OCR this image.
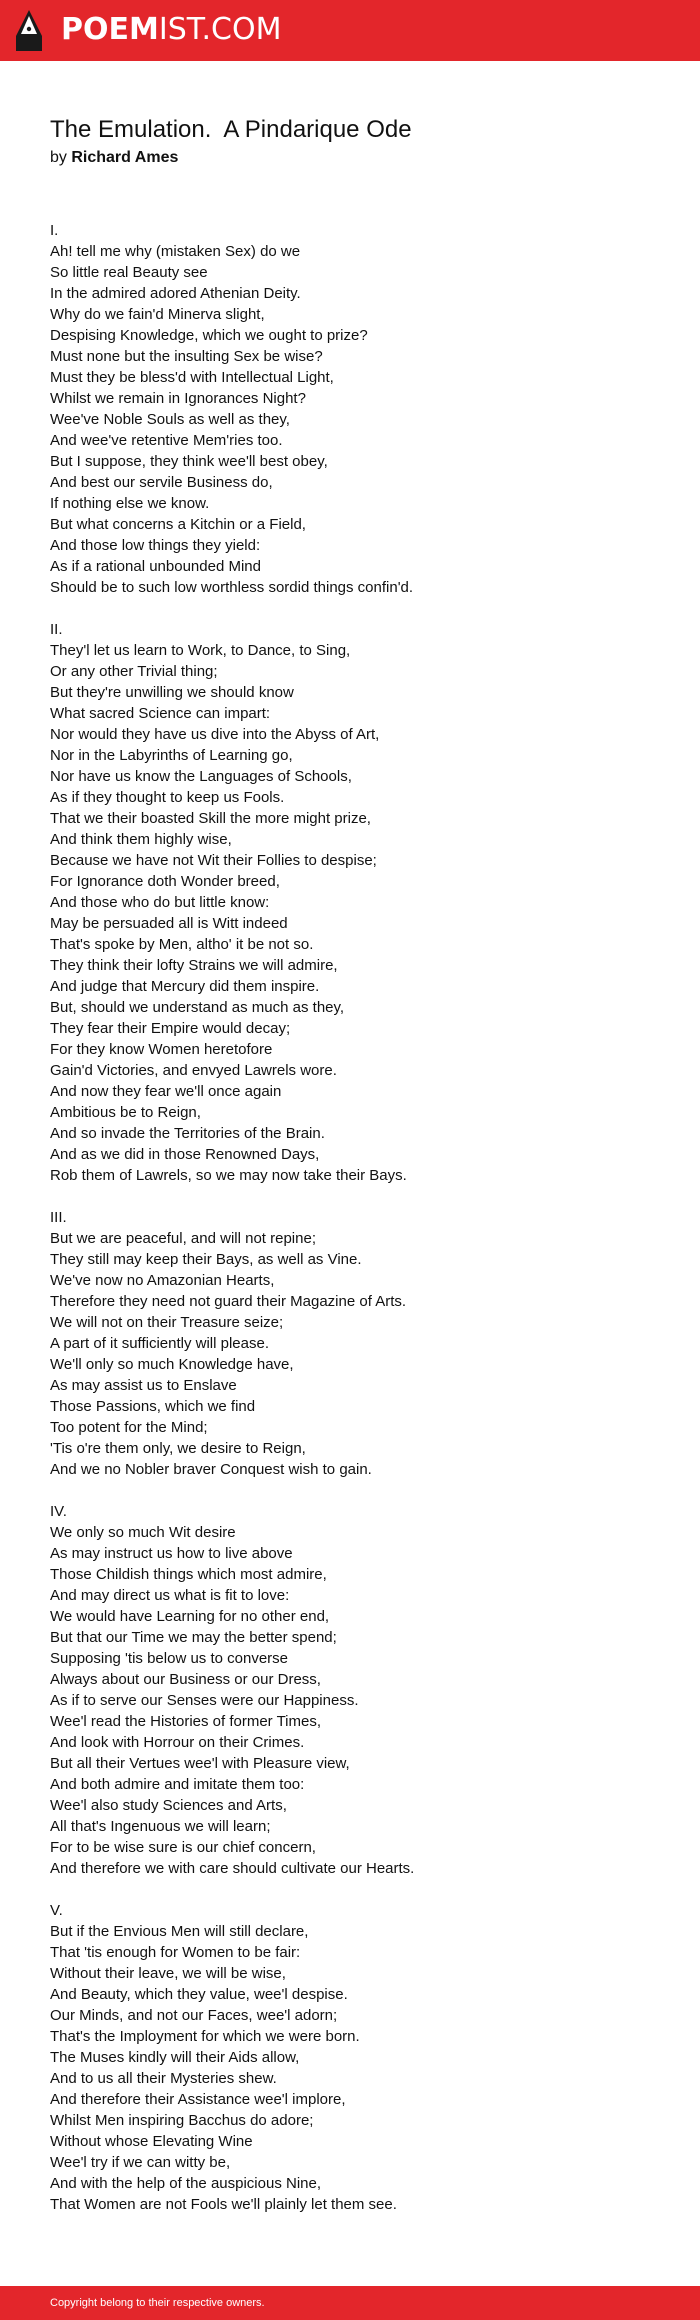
POEMIST.COM
The Emulation.  A Pindarique Ode
by Richard Ames
I.
Ah! tell me why (mistaken Sex) do we
So little real Beauty see
In the admired adored Athenian Deity.
Why do we fain'd Minerva slight,
Despising Knowledge, which we ought to prize?
Must none but the insulting Sex be wise?
Must they be bless'd with Intellectual Light,
Whilst we remain in Ignorances Night?
Wee've Noble Souls as well as they,
And wee've retentive Mem'ries too.
But I suppose, they think wee'll best obey,
And best our servile Business do,
If nothing else we know.
But what concerns a Kitchin or a Field,
And those low things they yield:
As if a rational unbounded Mind
Should be to such low worthless sordid things confin'd.
II.
They'l let us learn to Work, to Dance, to Sing,
Or any other Trivial thing;
But they're unwilling we should know
What sacred Science can impart:
Nor would they have us dive into the Abyss of Art,
Nor in the Labyrinths of Learning go,
Nor have us know the Languages of Schools,
As if they thought to keep us Fools.
That we their boasted Skill the more might prize,
And think them highly wise,
Because we have not Wit their Follies to despise;
For Ignorance doth Wonder breed,
And those who do but little know:
May be persuaded all is Witt indeed
That's spoke by Men, altho' it be not so.
They think their lofty Strains we will admire,
And judge that Mercury did them inspire.
But, should we understand as much as they,
They fear their Empire would decay;
For they know Women heretofore
Gain'd Victories, and envyed Lawrels wore.
And now they fear we'll once again
Ambitious be to Reign,
And so invade the Territories of the Brain.
And as we did in those Renowned Days,
Rob them of Lawrels, so we may now take their Bays.
III.
But we are peaceful, and will not repine;
They still may keep their Bays, as well as Vine.
We've now no Amazonian Hearts,
Therefore they need not guard their Magazine of Arts.
We will not on their Treasure seize;
A part of it sufficiently will please.
We'll only so much Knowledge have,
As may assist us to Enslave
Those Passions, which we find
Too potent for the Mind;
'Tis o're them only, we desire to Reign,
And we no Nobler braver Conquest wish to gain.
IV.
We only so much Wit desire
As may instruct us how to live above
Those Childish things which most admire,
And may direct us what is fit to love:
We would have Learning for no other end,
But that our Time we may the better spend;
Supposing 'tis below us to converse
Always about our Business or our Dress,
As if to serve our Senses were our Happiness.
Wee'l read the Histories of former Times,
And look with Horrour on their Crimes.
But all their Vertues wee'l with Pleasure view,
And both admire and imitate them too:
Wee'l also study Sciences and Arts,
All that's Ingenuous we will learn;
For to be wise sure is our chief concern,
And therefore we with care should cultivate our Hearts.
V.
But if the Envious Men will still declare,
That 'tis enough for Women to be fair:
Without their leave, we will be wise,
And Beauty, which they value, wee'l despise.
Our Minds, and not our Faces, wee'l adorn;
That's the Imployment for which we were born.
The Muses kindly will their Aids allow,
And to us all their Mysteries shew.
And therefore their Assistance wee'l implore,
Whilst Men inspiring Bacchus do adore;
Without whose Elevating Wine
Wee'l try if we can witty be,
And with the help of the auspicious Nine,
That Women are not Fools we'll plainly let them see.
Copyright belong to their respective owners.
